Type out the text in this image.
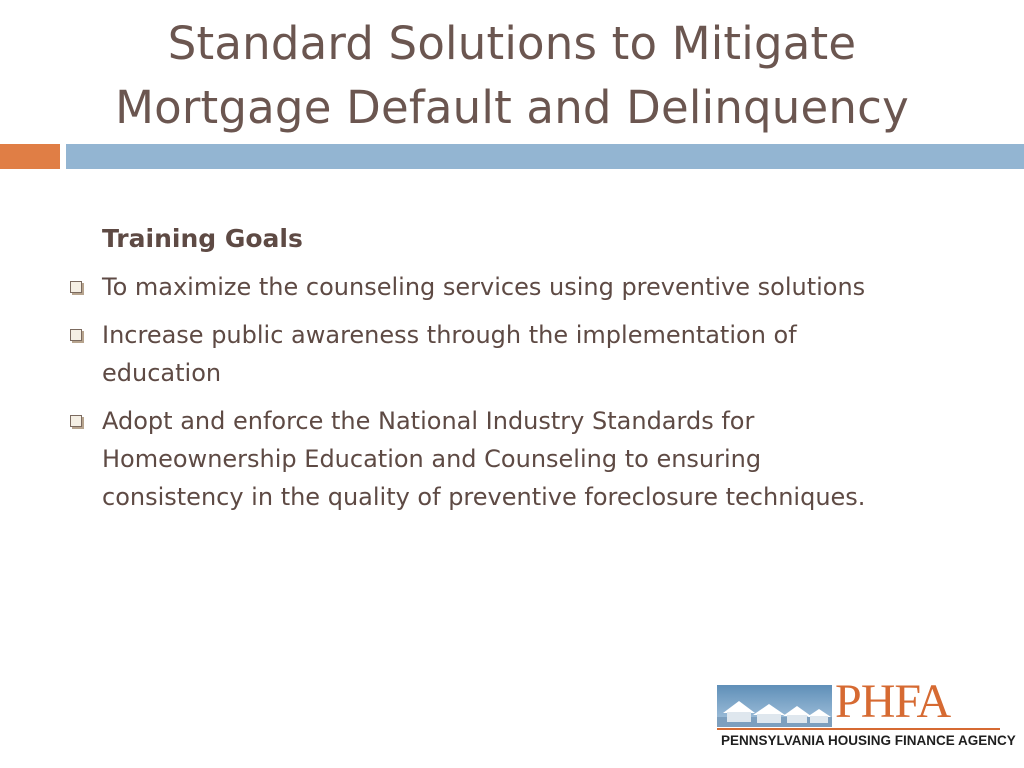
Standard Solutions to Mitigate
Mortgage Default and Delinquency
Training Goals
To maximize the counseling services using preventive solutions
Increase public awareness through the implementation of education
Adopt and enforce the National Industry Standards for Homeownership Education and Counseling to ensuring consistency in the quality of preventive foreclosure techniques.
PHFA
PENNSYLVANIA HOUSING FINANCE AGENCY
